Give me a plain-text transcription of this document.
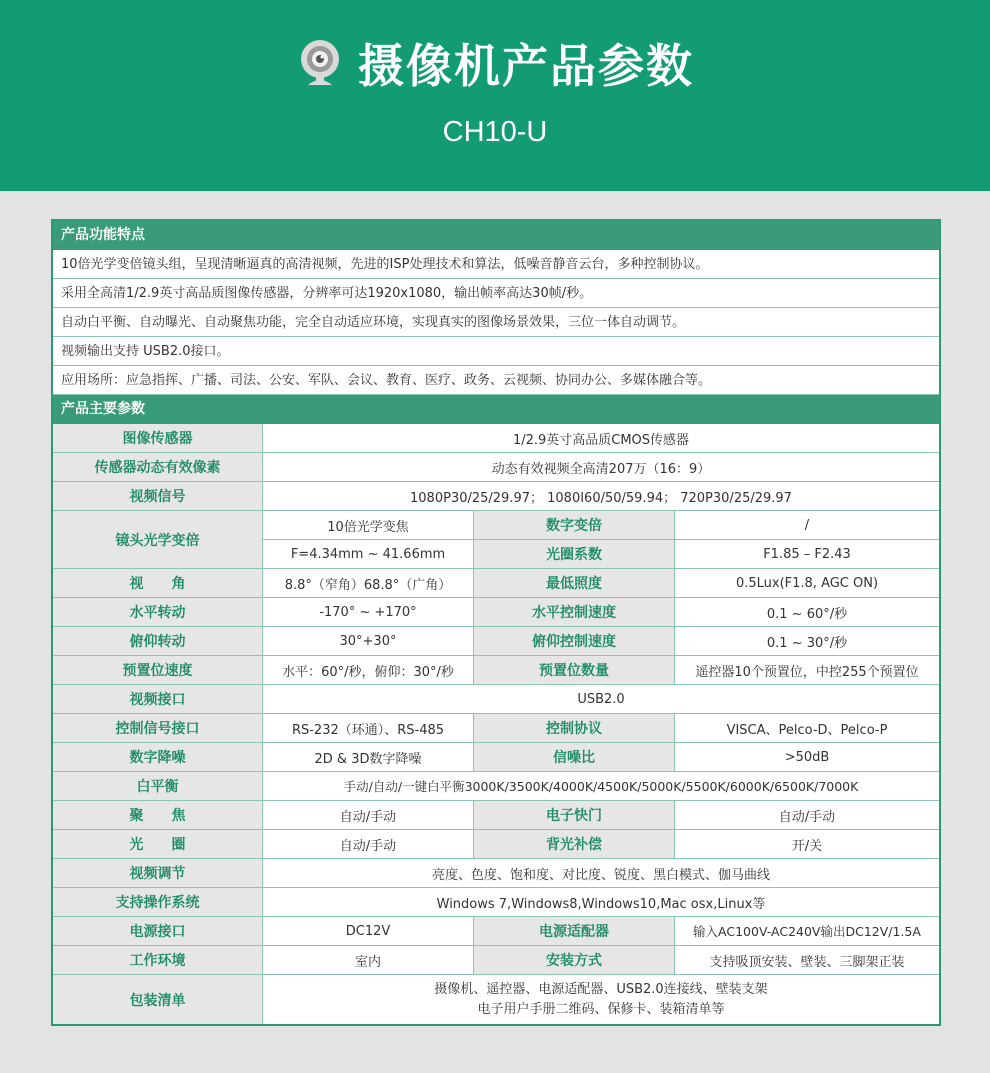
摄像机产品参数
CH10-U
产品功能特点
10倍光学变倍镜头组，呈现清晰逼真的高清视频，先进的ISP处理技术和算法，低噪音静音云台，多种控制协议。
采用全高清1/2.9英寸高品质图像传感器，分辨率可达1920x1080，输出帧率高达30帧/秒。
自动白平衡、自动曝光、自动聚焦功能，完全自动适应环境，实现真实的图像场景效果，三位一体自动调节。
视频输出支持 USB2.0接口。
应用场所：应急指挥、广播、司法、公安、军队、会议、教育、医疗、政务、云视频、协同办公、多媒体融合等。
产品主要参数
图像传感器	1/2.9英寸高品质CMOS传感器
传感器动态有效像素	动态有效视频全高清207万（16：9）
视频信号	1080P30/25/29.97； 1080I60/50/59.94； 720P30/25/29.97
镜头光学变倍
10倍光学变焦	数字变倍	/
F=4.34mm ~ 41.66mm	光圈系数	F1.85 – F2.43
视　　角	8.8°（窄角）68.8°（广角）	最低照度	0.5Lux(F1.8, AGC ON)
水平转动	-170° ~ +170°	水平控制速度	0.1 ~ 60°/秒
俯仰转动	30°+30°	俯仰控制速度	0.1 ~ 30°/秒
预置位速度	水平：60°/秒，俯仰：30°/秒	预置位数量	遥控器10个预置位，中控255个预置位
视频接口	USB2.0
控制信号接口	RS-232（环通）、RS-485	控制协议	VISCA、Pelco-D、Pelco-P
数字降噪	2D & 3D数字降噪	信噪比	>50dB
白平衡	手动/自动/一键白平衡3000K/3500K/4000K/4500K/5000K/5500K/6000K/6500K/7000K
聚　　焦	自动/手动	电子快门	自动/手动
光　　圈	自动/手动	背光补偿	开/关
视频调节	亮度、色度、饱和度、对比度、锐度、黑白模式、伽马曲线
支持操作系统	Windows 7,Windows8,Windows10,Mac osx,Linux等
电源接口	DC12V	电源适配器	输入AC100V-AC240V输出DC12V/1.5A
工作环境	室内	安装方式	支持吸顶安装、壁装、三脚架正装
包装清单
摄像机、遥控器、电源适配器、USB2.0连接线、壁装支架
电子用户手册二维码、保修卡、装箱清单等
